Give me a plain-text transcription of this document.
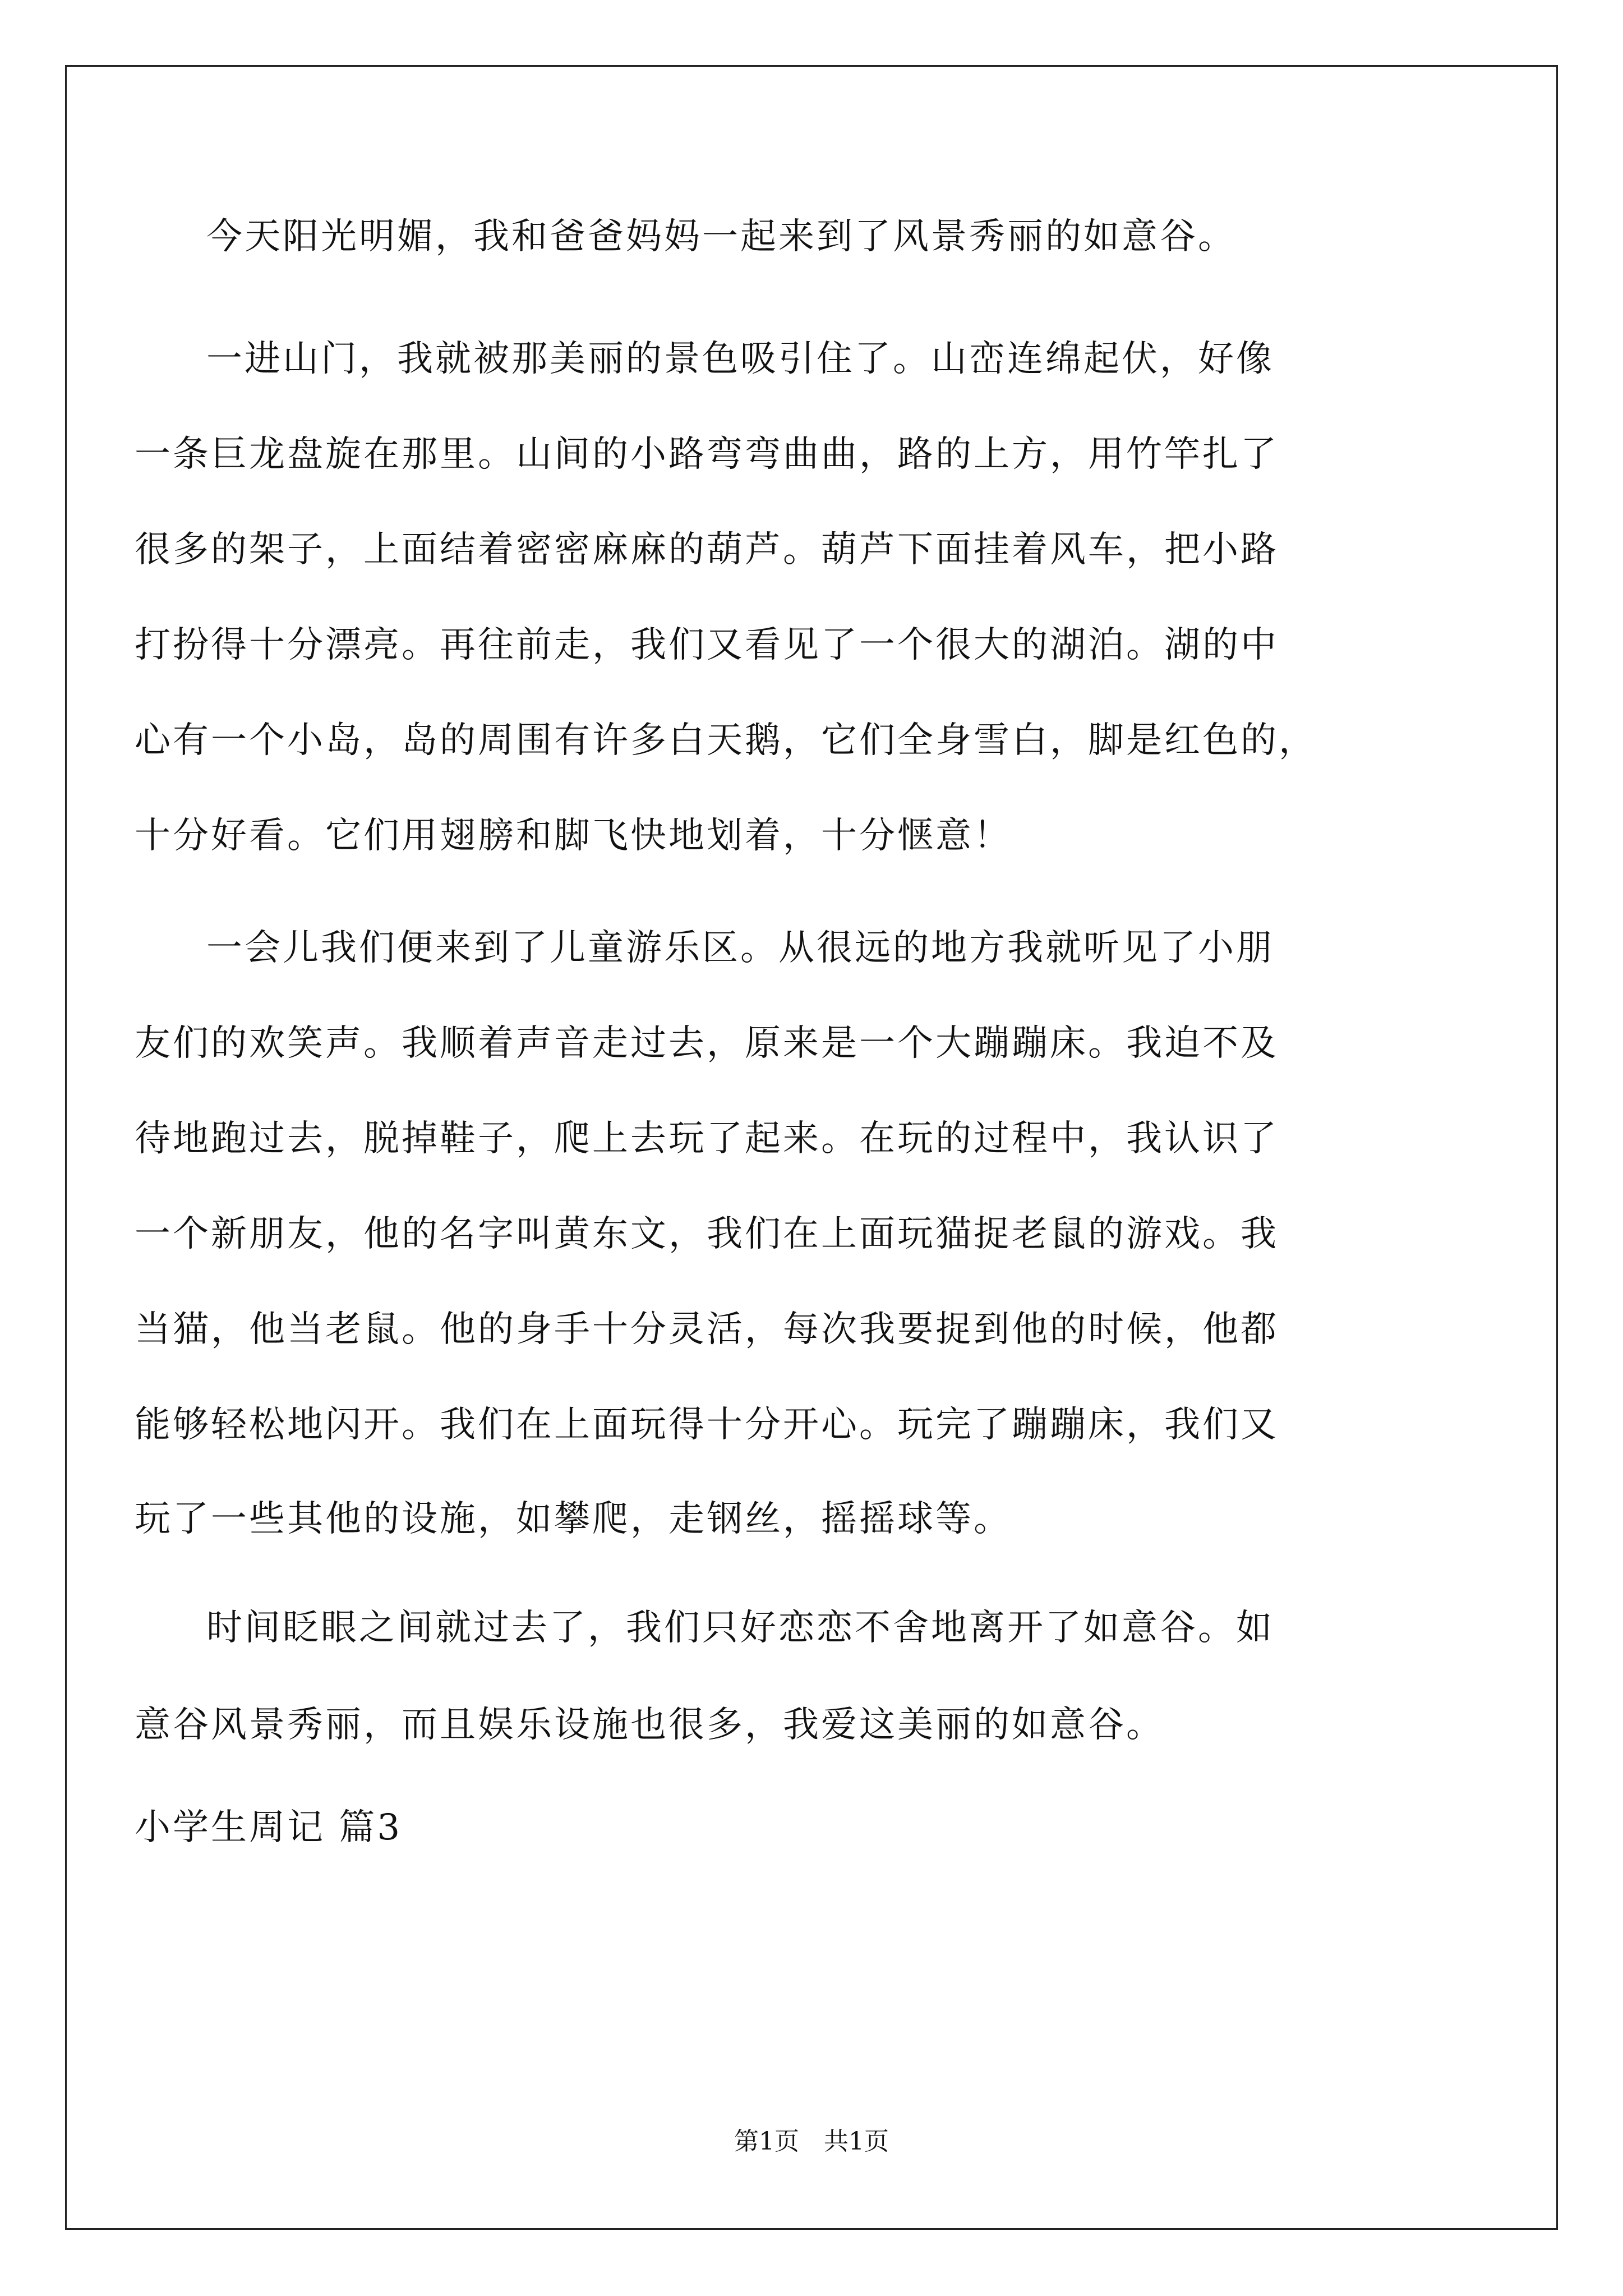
今天阳光明媚，我和爸爸妈妈一起来到了风景秀丽的如意谷。
一进山门，我就被那美丽的景色吸引住了。山峦连绵起伏，好像
一条巨龙盘旋在那里。山间的小路弯弯曲曲，路的上方，用竹竿扎了
很多的架子，上面结着密密麻麻的葫芦。葫芦下面挂着风车，把小路
打扮得十分漂亮。再往前走，我们又看见了一个很大的湖泊。湖的中
心有一个小岛，岛的周围有许多白天鹅，它们全身雪白，脚是红色的，
十分好看。它们用翅膀和脚飞快地划着，十分惬意！
一会儿我们便来到了儿童游乐区。从很远的地方我就听见了小朋
友们的欢笑声。我顺着声音走过去，原来是一个大蹦蹦床。我迫不及
待地跑过去，脱掉鞋子，爬上去玩了起来。在玩的过程中，我认识了
一个新朋友，他的名字叫黄东文，我们在上面玩猫捉老鼠的游戏。我
当猫，他当老鼠。他的身手十分灵活，每次我要捉到他的时候，他都
能够轻松地闪开。我们在上面玩得十分开心。玩完了蹦蹦床，我们又
玩了一些其他的设施，如攀爬，走钢丝，摇摇球等。
时间眨眼之间就过去了，我们只好恋恋不舍地离开了如意谷。如
意谷风景秀丽，而且娱乐设施也很多，我爱这美丽的如意谷。
小学生周记 篇3
第1页　共1页
